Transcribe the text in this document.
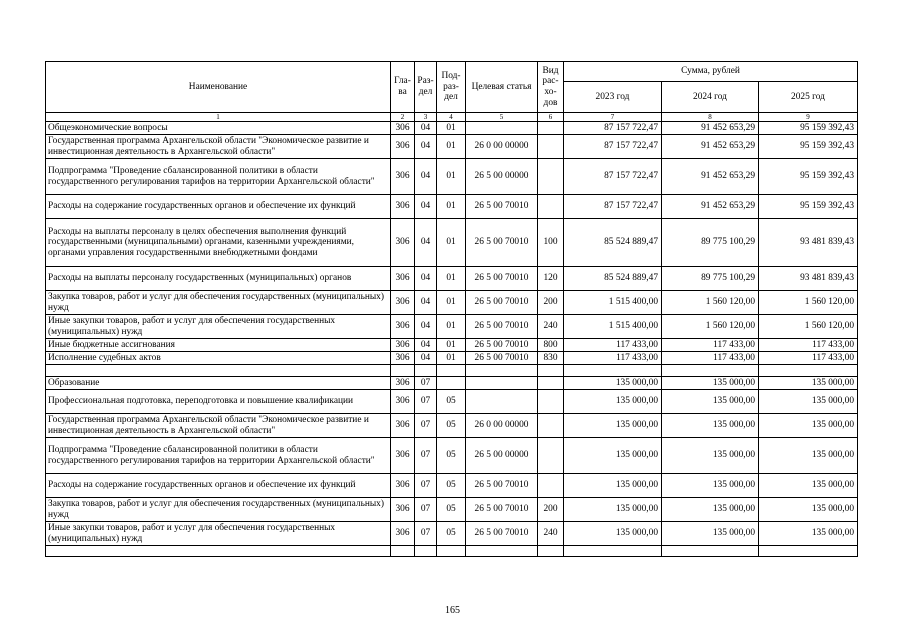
Наименование	Гла-ва	Раз-дел	Под-раз-дел	Целевая статья	Вид рас-хо-дов	Сумма, рублей		
						2023 год	2024 год	2025 год
1	2	3	4	5	6	7	8	9
Общеэкономические вопросы	306	04	01			87 157 722,47	91 452 653,29	95 159 392,43
Государственная программа Архангельской области "Экономическое развитие и инвестиционная деятельность в Архангельской области"	306	04	01	26 0 00 00000		87 157 722,47	91 452 653,29	95 159 392,43
Подпрограмма "Проведение сбалансированной политики в области государственного регулирования тарифов на территории Архангельской области"	306	04	01	26 5 00 00000		87 157 722,47	91 452 653,29	95 159 392,43
Расходы на содержание государственных органов и обеспечение их функций	306	04	01	26 5 00 70010		87 157 722,47	91 452 653,29	95 159 392,43
Расходы на выплаты персоналу в целях обеспечения выполнения функций государственными (муниципальными) органами, казенными учреждениями, органами управления государственными внебюджетными фондами	306	04	01	26 5 00 70010	100	85 524 889,47	89 775 100,29	93 481 839,43
Расходы на выплаты персоналу государственных (муниципальных) органов	306	04	01	26 5 00 70010	120	85 524 889,47	89 775 100,29	93 481 839,43
Закупка товаров, работ и услуг для обеспечения государственных (муниципальных) нужд	306	04	01	26 5 00 70010	200	1 515 400,00	1 560 120,00	1 560 120,00
Иные закупки товаров, работ и услуг для обеспечения государственных (муниципальных) нужд	306	04	01	26 5 00 70010	240	1 515 400,00	1 560 120,00	1 560 120,00
Иные бюджетные ассигнования	306	04	01	26 5 00 70010	800	117 433,00	117 433,00	117 433,00
Исполнение судебных актов	306	04	01	26 5 00 70010	830	117 433,00	117 433,00	117 433,00

Образование	306	07				135 000,00	135 000,00	135 000,00
Профессиональная подготовка, переподготовка и повышение квалификации	306	07	05			135 000,00	135 000,00	135 000,00
Государственная программа Архангельской области "Экономическое развитие и инвестиционная деятельность в Архангельской области"	306	07	05	26 0 00 00000		135 000,00	135 000,00	135 000,00
Подпрограмма "Проведение сбалансированной политики в области государственного регулирования тарифов на территории Архангельской области"	306	07	05	26 5 00 00000		135 000,00	135 000,00	135 000,00
Расходы на содержание государственных органов и обеспечение их функций	306	07	05	26 5 00 70010		135 000,00	135 000,00	135 000,00
Закупка товаров, работ и услуг для обеспечения государственных (муниципальных) нужд	306	07	05	26 5 00 70010	200	135 000,00	135 000,00	135 000,00
Иные закупки товаров, работ и услуг для обеспечения государственных (муниципальных) нужд	306	07	05	26 5 00 70010	240	135 000,00	135 000,00	135 000,00

165
